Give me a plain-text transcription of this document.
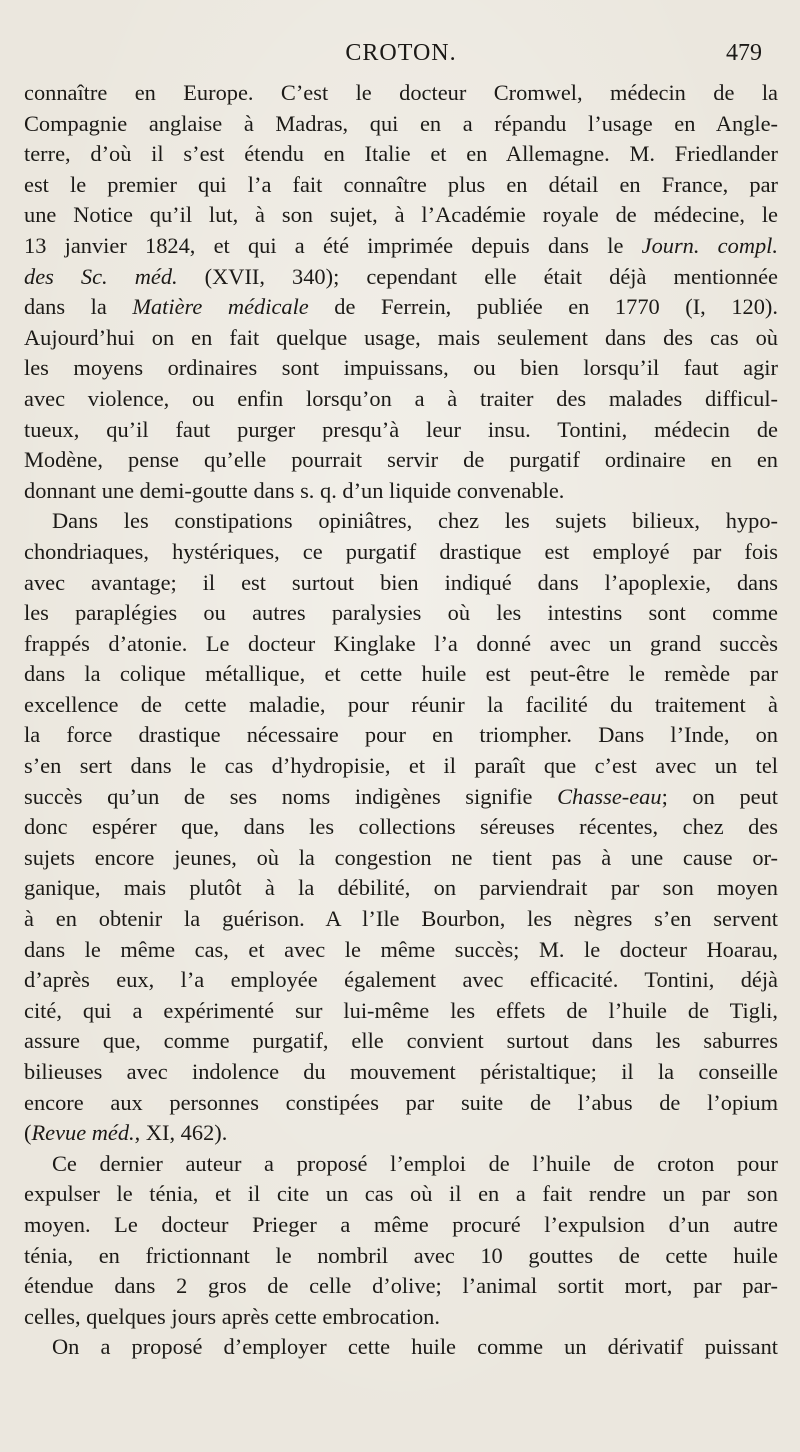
CROTON.	479

connaître en Europe. C’est le docteur Cromwel, médecin de la
Compagnie anglaise à Madras, qui en a répandu l’usage en Angle-
terre, d’où il s’est étendu en Italie et en Allemagne. M. Friedlander
est le premier qui l’a fait connaître plus en détail en France, par
une Notice qu’il lut, à son sujet, à l’Académie royale de médecine, le
13 janvier 1824, et qui a été imprimée depuis dans le Journ. compl.
des Sc. méd. (XVII, 340); cependant elle était déjà mentionnée
dans la Matière médicale de Ferrein, publiée en 1770 (I, 120).
Aujourd’hui on en fait quelque usage, mais seulement dans des cas où
les moyens ordinaires sont impuissans, ou bien lorsqu’il faut agir
avec violence, ou enfin lorsqu’on a à traiter des malades difficul-
tueux, qu’il faut purger presqu’à leur insu. Tontini, médecin de
Modène, pense qu’elle pourrait servir de purgatif ordinaire en en
donnant une demi-goutte dans s. q. d’un liquide convenable.

Dans les constipations opiniâtres, chez les sujets bilieux, hypo-
chondriaques, hystériques, ce purgatif drastique est employé par fois
avec avantage; il est surtout bien indiqué dans l’apoplexie, dans
les paraplégies ou autres paralysies où les intestins sont comme
frappés d’atonie. Le docteur Kinglake l’a donné avec un grand succès
dans la colique métallique, et cette huile est peut-être le remède par
excellence de cette maladie, pour réunir la facilité du traitement à
la force drastique nécessaire pour en triompher. Dans l’Inde, on
s’en sert dans le cas d’hydropisie, et il paraît que c’est avec un tel
succès qu’un de ses noms indigènes signifie Chasse-eau; on peut
donc espérer que, dans les collections séreuses récentes, chez des
sujets encore jeunes, où la congestion ne tient pas à une cause or-
ganique, mais plutôt à la débilité, on parviendrait par son moyen
à en obtenir la guérison. A l’Ile Bourbon, les nègres s’en servent
dans le même cas, et avec le même succès; M. le docteur Hoarau,
d’après eux, l’a employée également avec efficacité. Tontini, déjà
cité, qui a expérimenté sur lui-même les effets de l’huile de Tigli,
assure que, comme purgatif, elle convient surtout dans les saburres
bilieuses avec indolence du mouvement péristaltique; il la conseille
encore aux personnes constipées par suite de l’abus de l’opium
(Revue méd., XI, 462).

Ce dernier auteur a proposé l’emploi de l’huile de croton pour
expulser le ténia, et il cite un cas où il en a fait rendre un par son
moyen. Le docteur Prieger a même procuré l’expulsion d’un autre
ténia, en frictionnant le nombril avec 10 gouttes de cette huile
étendue dans 2 gros de celle d’olive; l’animal sortit mort, par par-
celles, quelques jours après cette embrocation.

On a proposé d’employer cette huile comme un dérivatif puissant
